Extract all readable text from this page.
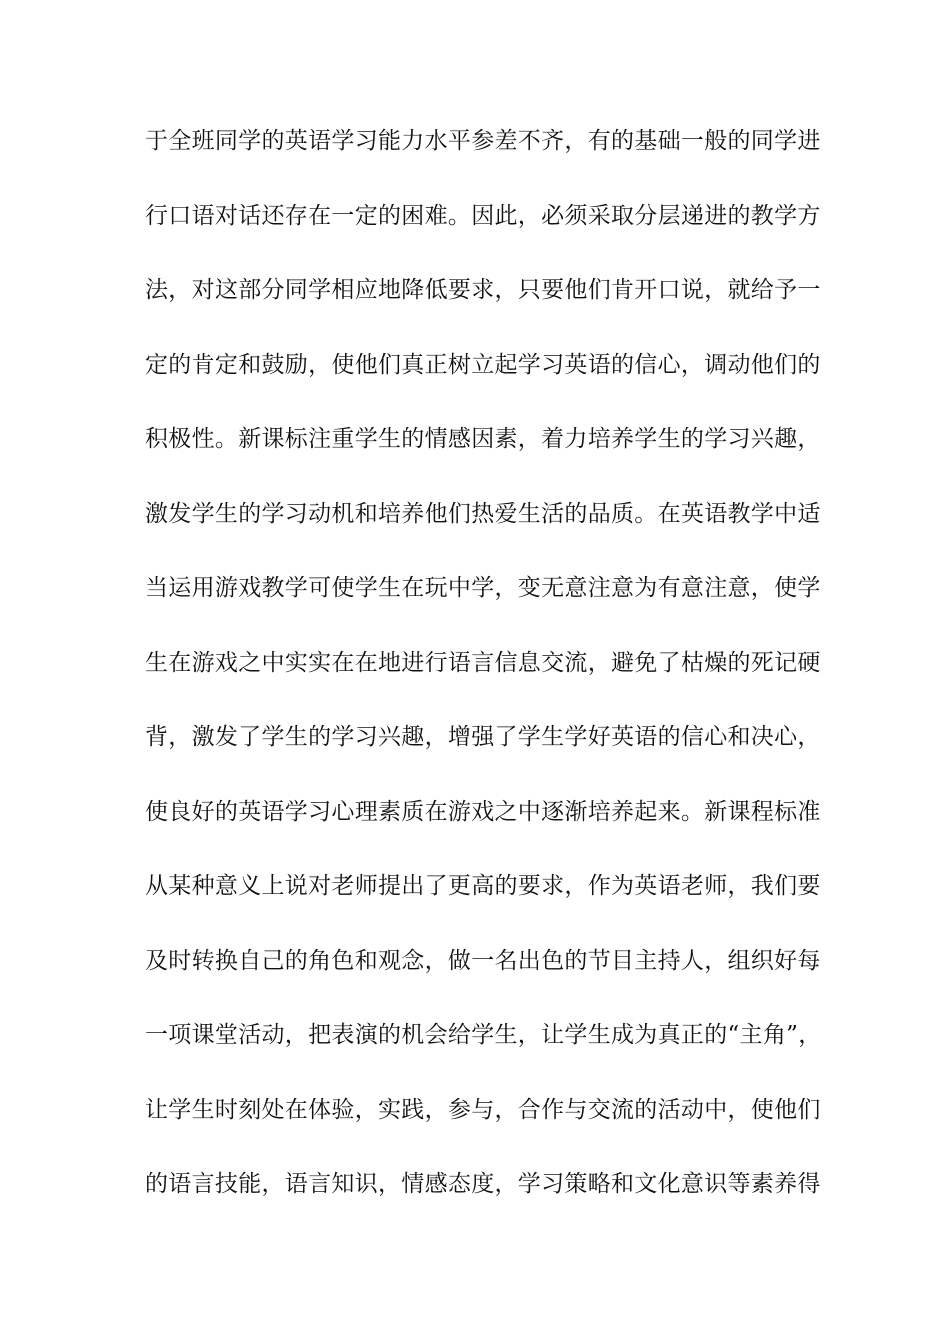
于全班同学的英语学习能力水平参差不齐，有的基础一般的同学进
行口语对话还存在一定的困难。因此，必须采取分层递进的教学方
法，对这部分同学相应地降低要求，只要他们肯开口说，就给予一
定的肯定和鼓励，使他们真正树立起学习英语的信心，调动他们的
积极性。新课标注重学生的情感因素，着力培养学生的学习兴趣，
激发学生的学习动机和培养他们热爱生活的品质。在英语教学中适
当运用游戏教学可使学生在玩中学，变无意注意为有意注意，使学
生在游戏之中实实在在地进行语言信息交流，避免了枯燥的死记硬
背，激发了学生的学习兴趣，增强了学生学好英语的信心和决心，
使良好的英语学习心理素质在游戏之中逐渐培养起来。新课程标准
从某种意义上说对老师提出了更高的要求，作为英语老师，我们要
及时转换自己的角色和观念，做一名出色的节目主持人，组织好每
一项课堂活动，把表演的机会给学生，让学生成为真正的“主角”，
让学生时刻处在体验，实践，参与，合作与交流的活动中，使他们
的语言技能，语言知识，情感态度，学习策略和文化意识等素养得
